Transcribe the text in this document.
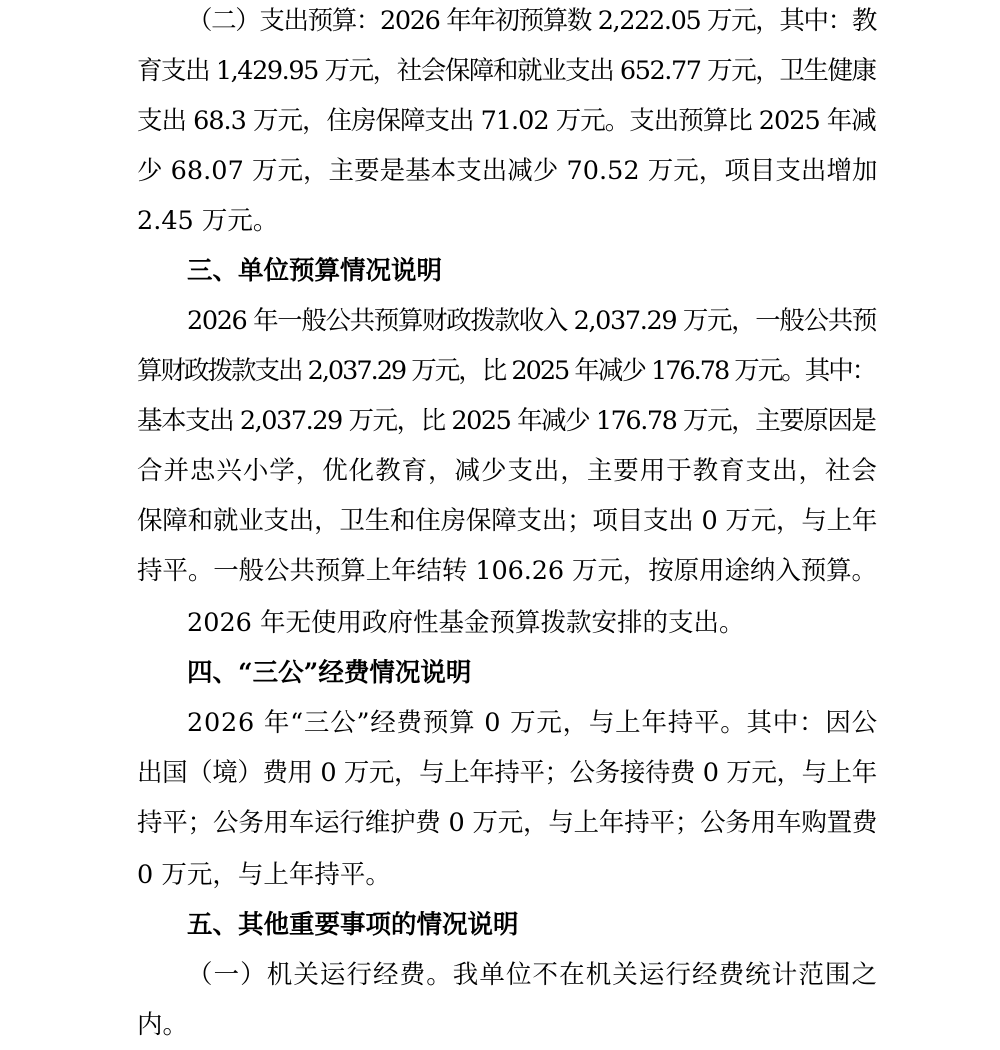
（二）支出预算：2026 年年初预算数 2,222.05 万元，其中：教
育支出 1,429.95 万元，社会保障和就业支出 652.77 万元，卫生健康
支出 68.3 万元，住房保障支出 71.02 万元。支出预算比 2025 年减
少 68.07 万元，主要是基本支出减少 70.52 万元，项目支出增加
2.45 万元。
三、单位预算情况说明
2026 年一般公共预算财政拨款收入 2,037.29 万元，一般公共预
算财政拨款支出 2,037.29 万元，比 2025 年减少 176.78 万元。其中：
基本支出 2,037.29 万元，比 2025 年减少 176.78 万元，主要原因是
合并忠兴小学，优化教育，减少支出，主要用于教育支出，社会
保障和就业支出，卫生和住房保障支出；项目支出 0 万元，与上年
持平。一般公共预算上年结转 106.26 万元，按原用途纳入预算。
2026 年无使用政府性基金预算拨款安排的支出。
四、“三公”经费情况说明
2026 年“三公”经费预算 0 万元，与上年持平。其中：因公
出国（境）费用 0 万元，与上年持平；公务接待费 0 万元，与上年
持平；公务用车运行维护费 0 万元，与上年持平；公务用车购置费
0 万元，与上年持平。
五、其他重要事项的情况说明
（一）机关运行经费。我单位不在机关运行经费统计范围之
内。
